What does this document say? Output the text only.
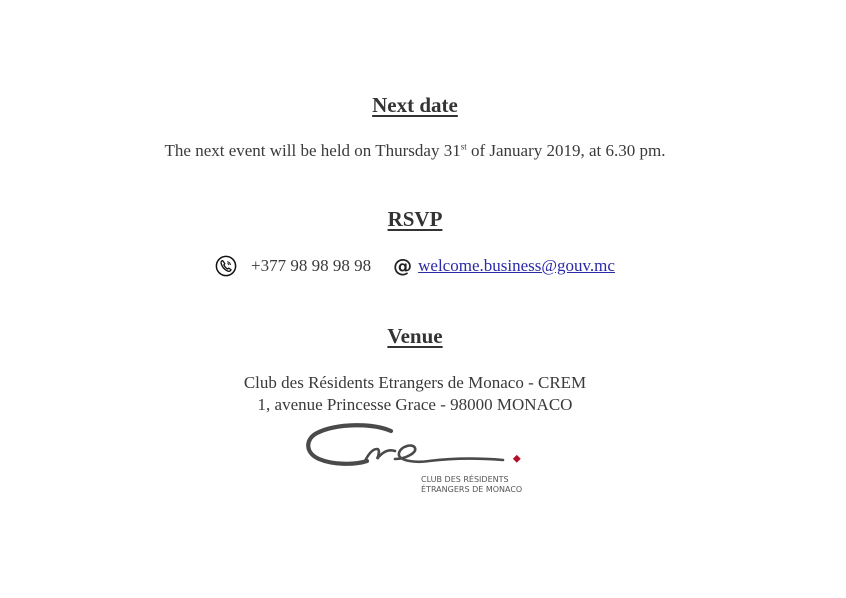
Next date

The next event will be held on Thursday 31st of January 2019, at 6.30 pm.

RSVP
+377 98 98 98 98 @ welcome.business@gouv.mc
Venue

Club des Résidents Etrangers de Monaco - CREM

1, avenue Princesse Grace - 98000 MONACO

CLUB DES RÉSIDENTS
ÉTRANGERS DE MONACO
